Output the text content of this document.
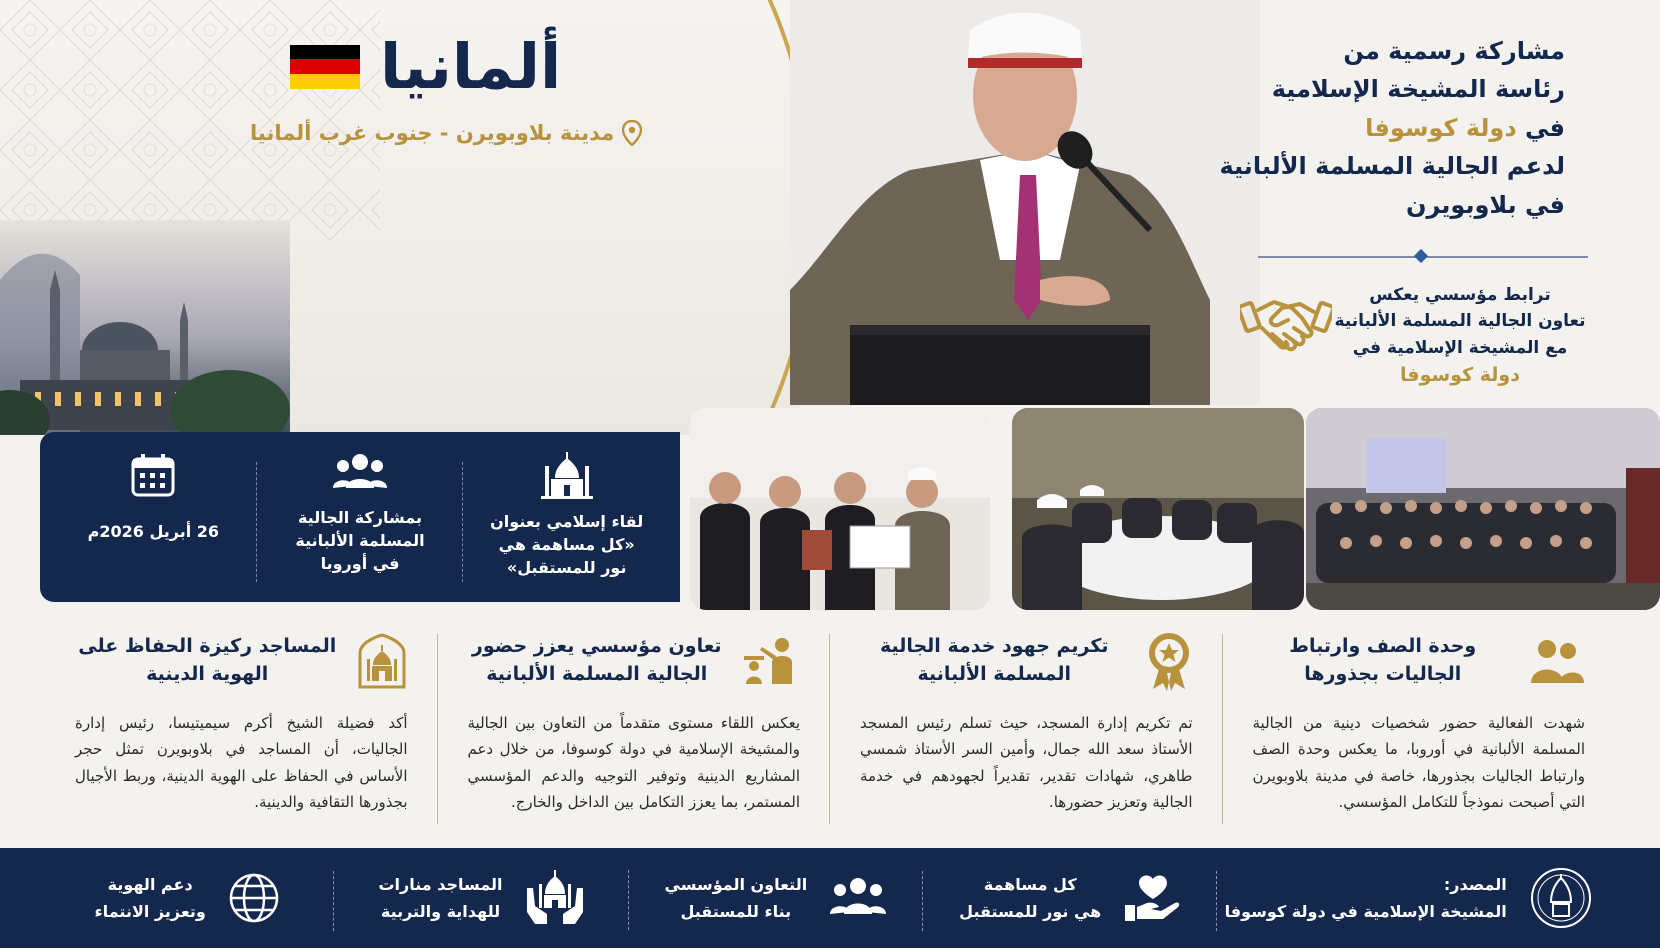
ألمانيا
مدينة بلاوبويرن - جنوب غرب ألمانيا
لقاء إسلامي بعنوان
«كل مساهمة هي
نور للمستقبل»
بمشاركة الجالية
المسلمة الألبانية
في أوروبا
26 أبريل 2026م
مشاركة رسمية من
رئاسة المشيخة الإسلامية
في دولة كوسوفا
لدعم الجالية المسلمة الألبانية
في بلاوبويرن
ترابط مؤسسي يعكس
تعاون الجالية المسلمة الألبانية
مع المشيخة الإسلامية في
دولة كوسوفا
وحدة الصف وارتباط الجاليات بجذورها
شهدت الفعالية حضور شخصيات دينية من الجالية المسلمة الألبانية في أوروبا، ما يعكس وحدة الصف وارتباط الجاليات بجذورها، خاصة في مدينة بلاوبويرن التي أصبحت نموذجاً للتكامل المؤسسي.
تكريم جهود خدمة الجالية المسلمة الألبانية
تم تكريم إدارة المسجد، حيث تسلم رئيس المسجد الأستاذ سعد الله جمال، وأمين السر الأستاذ شمسي طاهري، شهادات تقدير، تقديراً لجهودهم في خدمة الجالية وتعزيز حضورها.
تعاون مؤسسي يعزز حضور الجالية المسلمة الألبانية
يعكس اللقاء مستوى متقدماً من التعاون بين الجالية والمشيخة الإسلامية في دولة كوسوفا، من خلال دعم المشاريع الدينية وتوفير التوجيه والدعم المؤسسي المستمر، بما يعزز التكامل بين الداخل والخارج.
المساجد ركيزة الحفاظ على الهوية الدينية
أكد فضيلة الشيخ أكرم سيميتيسا، رئيس إدارة الجاليات، أن المساجد في بلاوبويرن تمثل حجر الأساس في الحفاظ على الهوية الدينية، وربط الأجيال بجذورها التقافية والدينية.
المصدر:
المشيخة الإسلامية في دولة كوسوفا
كل مساهمة
هي نور للمستقبل
التعاون المؤسسي
بناء للمستقبل
المساجد منارات
للهداية والتربية
دعم الهوية
وتعزيز الانتماء
